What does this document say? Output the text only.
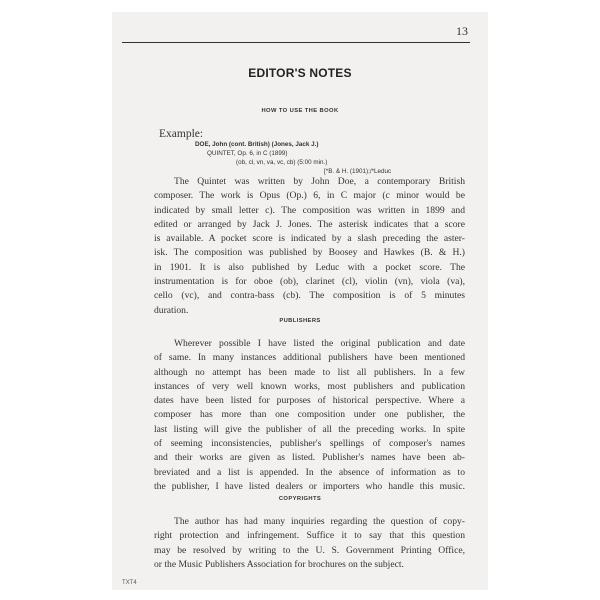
13
EDITOR'S NOTES
HOW TO USE THE BOOK
Example:
DOE, John (cont. British) (Jones, Jack J.)
QUINTET, Op. 6, in C (1899)
(ob, cl, vn, va, vc, cb) (5:00 min.)
[*B. & H. (1901);/*Leduc
The Quintet was written by John Doe, a contemporary British
composer. The work is Opus (Op.) 6, in C major (c minor would be
indicated by small letter c). The composition was written in 1899 and
edited or arranged by Jack J. Jones. The asterisk indicates that a score
is available. A pocket score is indicated by a slash preceding the aster-
isk. The composition was published by Boosey and Hawkes (B. & H.)
in 1901. It is also published by Leduc with a pocket score. The
instrumentation is for oboe (ob), clarinet (cl), violin (vn), viola (va),
cello (vc), and contra-bass (cb). The composition is of 5 minutes
duration.
PUBLISHERS
Wherever possible I have listed the original publication and date
of same. In many instances additional publishers have been mentioned
although no attempt has been made to list all publishers. In a few
instances of very well known works, most publishers and publication
dates have been listed for purposes of historical perspective. Where a
composer has more than one composition under one publisher, the
last listing will give the publisher of all the preceding works. In spite
of seeming inconsistencies, publisher's spellings of composer's names
and their works are given as listed. Publisher's names have been ab-
breviated and a list is appended. In the absence of information as to
the publisher, I have listed dealers or importers who handle this music.
COPYRIGHTS
The author has had many inquiries regarding the question of copy-
right protection and infringement. Suffice it to say that this question
may be resolved by writing to the U. S. Government Printing Office,
or the Music Publishers Association for brochures on the subject.
TXT4
